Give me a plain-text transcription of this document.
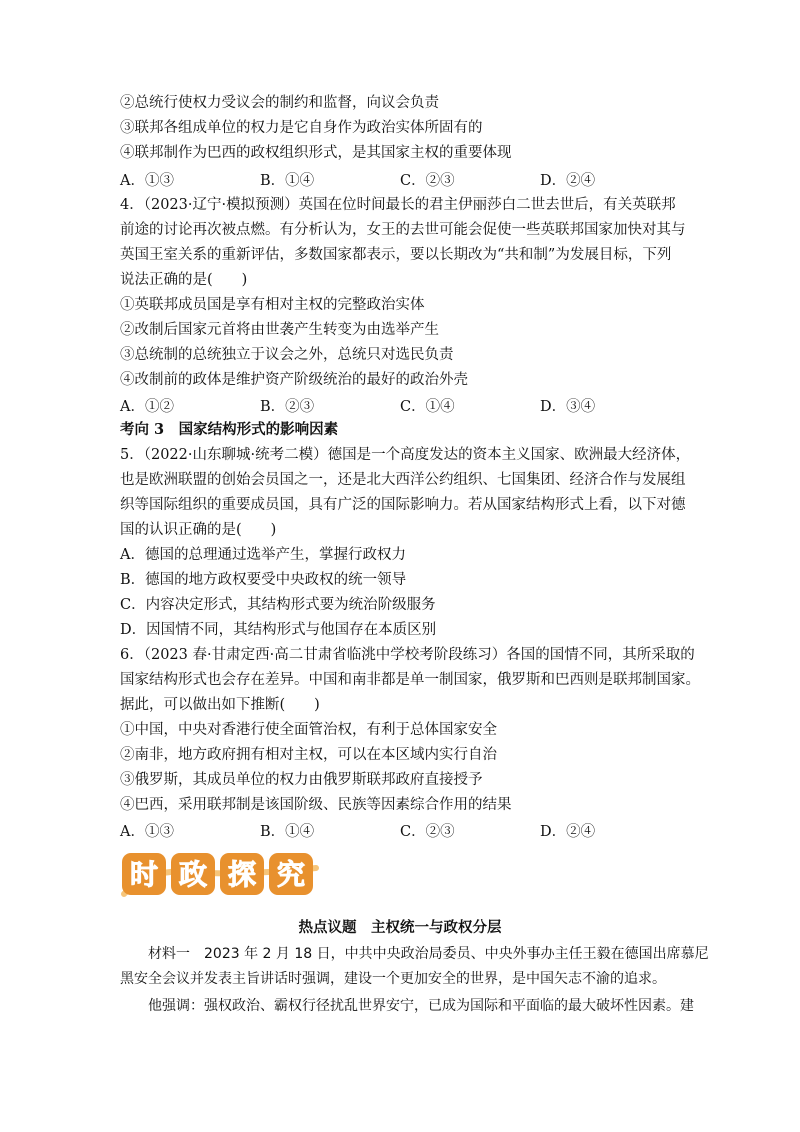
②总统行使权力受议会的制约和监督，向议会负责
③联邦各组成单位的权力是它自身作为政治实体所固有的
④联邦制作为巴西的政权组织形式，是其国家主权的重要体现
A．①③	B．①④	C．②③	D．②④
4．（2023·辽宁·模拟预测）英国在位时间最长的君主伊丽莎白二世去世后，有关英联邦
前途的讨论再次被点燃。有分析认为，女王的去世可能会促使一些英联邦国家加快对其与
英国王室关系的重新评估，多数国家都表示，要以长期改为“共和制”为发展目标，下列
说法正确的是(　　)
①英联邦成员国是享有相对主权的完整政治实体
②改制后国家元首将由世袭产生转变为由选举产生
③总统制的总统独立于议会之外，总统只对选民负责
④改制前的政体是维护资产阶级统治的最好的政治外壳
A．①②	B．②③	C．①④	D．③④
考向 3　国家结构形式的影响因素
5．（2022·山东聊城·统考二模）德国是一个高度发达的资本主义国家、欧洲最大经济体，
也是欧洲联盟的创始会员国之一，还是北大西洋公约组织、七国集团、经济合作与发展组
织等国际组织的重要成员国，具有广泛的国际影响力。若从国家结构形式上看，以下对德
国的认识正确的是(　　)
A．德国的总理通过选举产生，掌握行政权力
B．德国的地方政权要受中央政权的统一领导
C．内容决定形式，其结构形式要为统治阶级服务
D．因国情不同，其结构形式与他国存在本质区别
6．（2023 春·甘肃定西·高二甘肃省临洮中学校考阶段练习）各国的国情不同，其所采取的
国家结构形式也会存在差异。中国和南非都是单一制国家，俄罗斯和巴西则是联邦制国家。
据此，可以做出如下推断(　　)
①中国，中央对香港行使全面管治权，有利于总体国家安全
②南非，地方政府拥有相对主权，可以在本区域内实行自治
③俄罗斯，其成员单位的权力由俄罗斯联邦政府直接授予
④巴西，采用联邦制是该国阶级、民族等因素综合作用的结果
A．①③	B．①④	C．②③	D．②④
时 政 探 究
热点议题　主权统一与政权分层
　　材料一　2023 年 2 月 18 日，中共中央政治局委员、中央外事办主任王毅在德国出席慕尼
黑安全会议并发表主旨讲话时强调，建设一个更加安全的世界，是中国矢志不渝的追求。
　　他强调：强权政治、霸权行径扰乱世界安宁，已成为国际和平面临的最大破坏性因素。建
